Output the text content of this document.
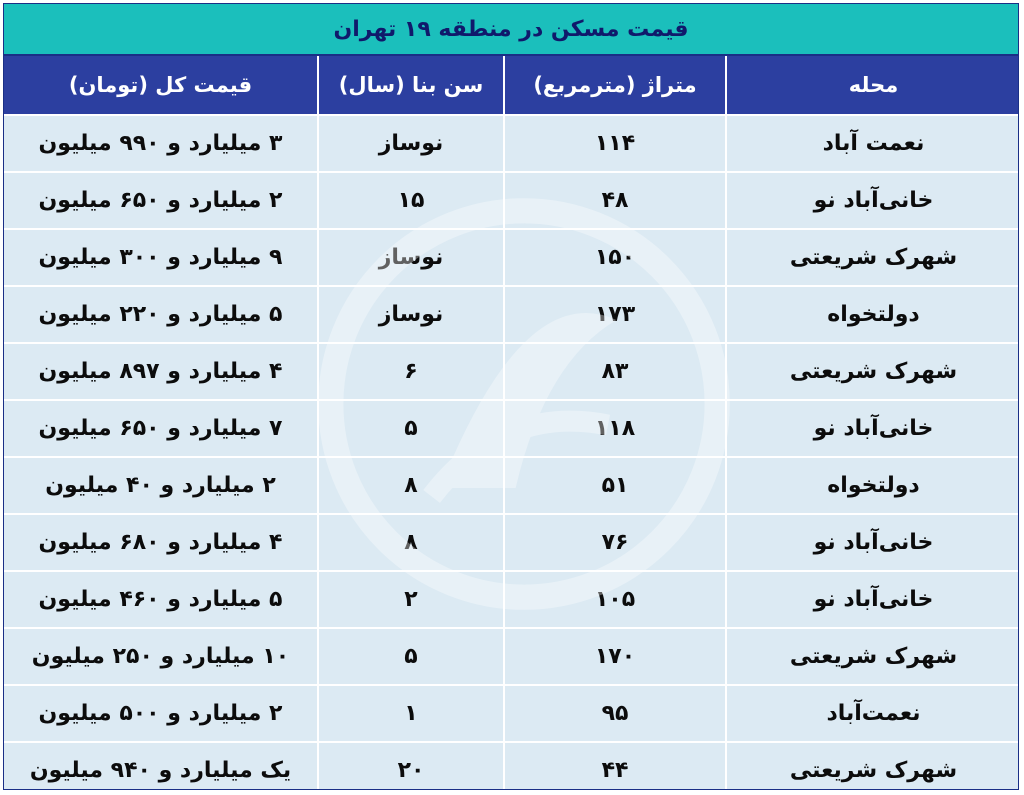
قیمت مسکن در منطقه ۱۹ تهران
محله	متراژ (مترمربع)	سن بنا (سال)	قیمت کل (تومان)
نعمت آباد	۱۱۴	نوساز	۳ میلیارد و ۹۹۰ میلیون
خانی‌آباد نو	۴۸	۱۵	۲ میلیارد و ۶۵۰ میلیون
شهرک شریعتی	۱۵۰	نوساز	۹ میلیارد و ۳۰۰ میلیون
دولتخواه	۱۷۳	نوساز	۵ میلیارد و ۲۲۰ میلیون
شهرک شریعتی	۸۳	۶	۴ میلیارد و ۸۹۷ میلیون
خانی‌آباد نو	۱۱۸	۵	۷ میلیارد و ۶۵۰ میلیون
دولتخواه	۵۱	۸	۲ میلیارد و ۴۰ میلیون
خانی‌آباد نو	۷۶	۸	۴ میلیارد و ۶۸۰ میلیون
خانی‌آباد نو	۱۰۵	۲	۵ میلیارد و ۴۶۰ میلیون
شهرک شریعتی	۱۷۰	۵	۱۰ میلیارد و ۲۵۰ میلیون
نعمت‌آباد	۹۵	۱	۲ میلیارد و ۵۰۰ میلیون
شهرک شریعتی	۴۴	۲۰	یک میلیارد و ۹۴۰ میلیون
